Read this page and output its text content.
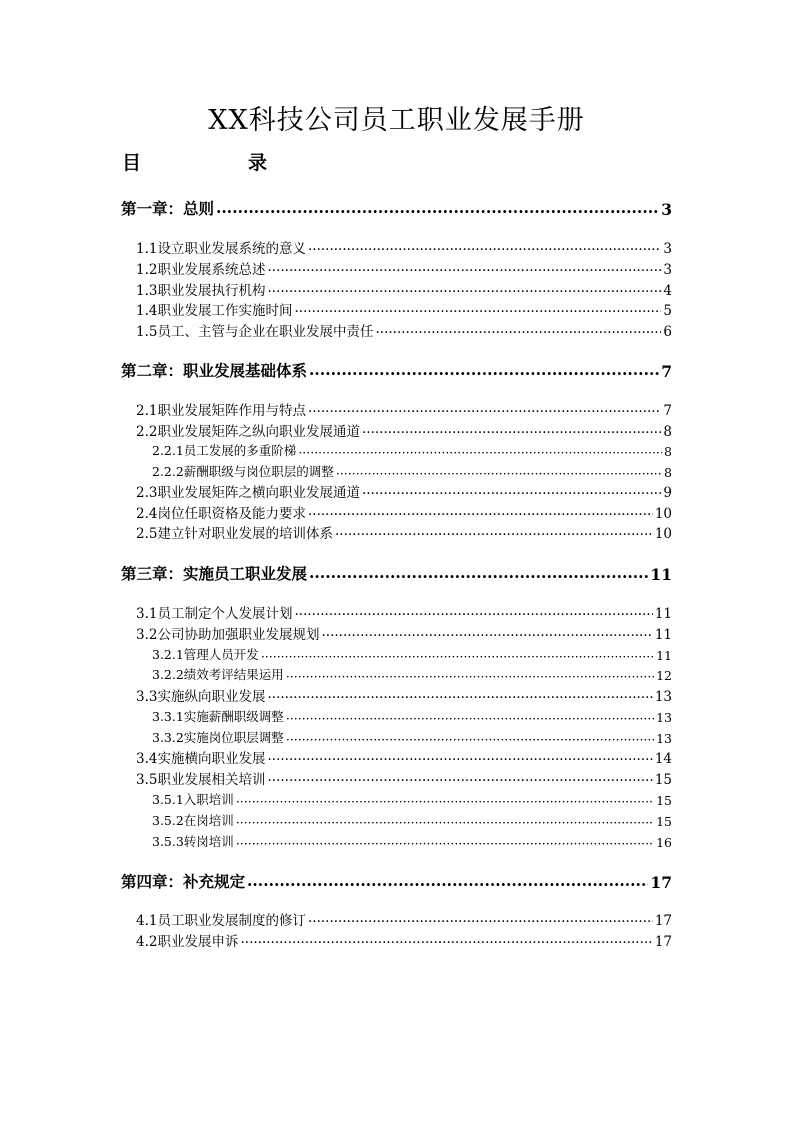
XX科技公司员工职业发展手册
目	录
第一章：总则 ·····	3
1.1设立职业发展系统的意义 ·····	3
1.2职业发展系统总述 ·····	3
1.3职业发展执行机构 ·····	4
1.4职业发展工作实施时间 ·····	5
1.5员工、主管与企业在职业发展中责任 ·····	6
第二章：职业发展基础体系 ·····	7
2.1职业发展矩阵作用与特点 ·····	7
2.2职业发展矩阵之纵向职业发展通道 ·····	8
2.2.1员工发展的多重阶梯 ·····	8
2.2.2薪酬职级与岗位职层的调整 ·····	8
2.3职业发展矩阵之横向职业发展通道 ·····	9
2.4岗位任职资格及能力要求 ·····	10
2.5建立针对职业发展的培训体系 ·····	10
第三章：实施员工职业发展 ·····	11
3.1员工制定个人发展计划 ·····	11
3.2公司协助加强职业发展规划 ·····	11
3.2.1管理人员开发 ·····	11
3.2.2绩效考评结果运用 ·····	12
3.3实施纵向职业发展 ·····	13
3.3.1实施薪酬职级调整 ·····	13
3.3.2实施岗位职层调整 ·····	13
3.4实施横向职业发展 ·····	14
3.5职业发展相关培训 ·····	15
3.5.1入职培训 ·····	15
3.5.2在岗培训 ·····	15
3.5.3转岗培训 ·····	16
第四章：补充规定 ·····	17
4.1员工职业发展制度的修订 ·····	17
4.2职业发展申诉 ·····	17
